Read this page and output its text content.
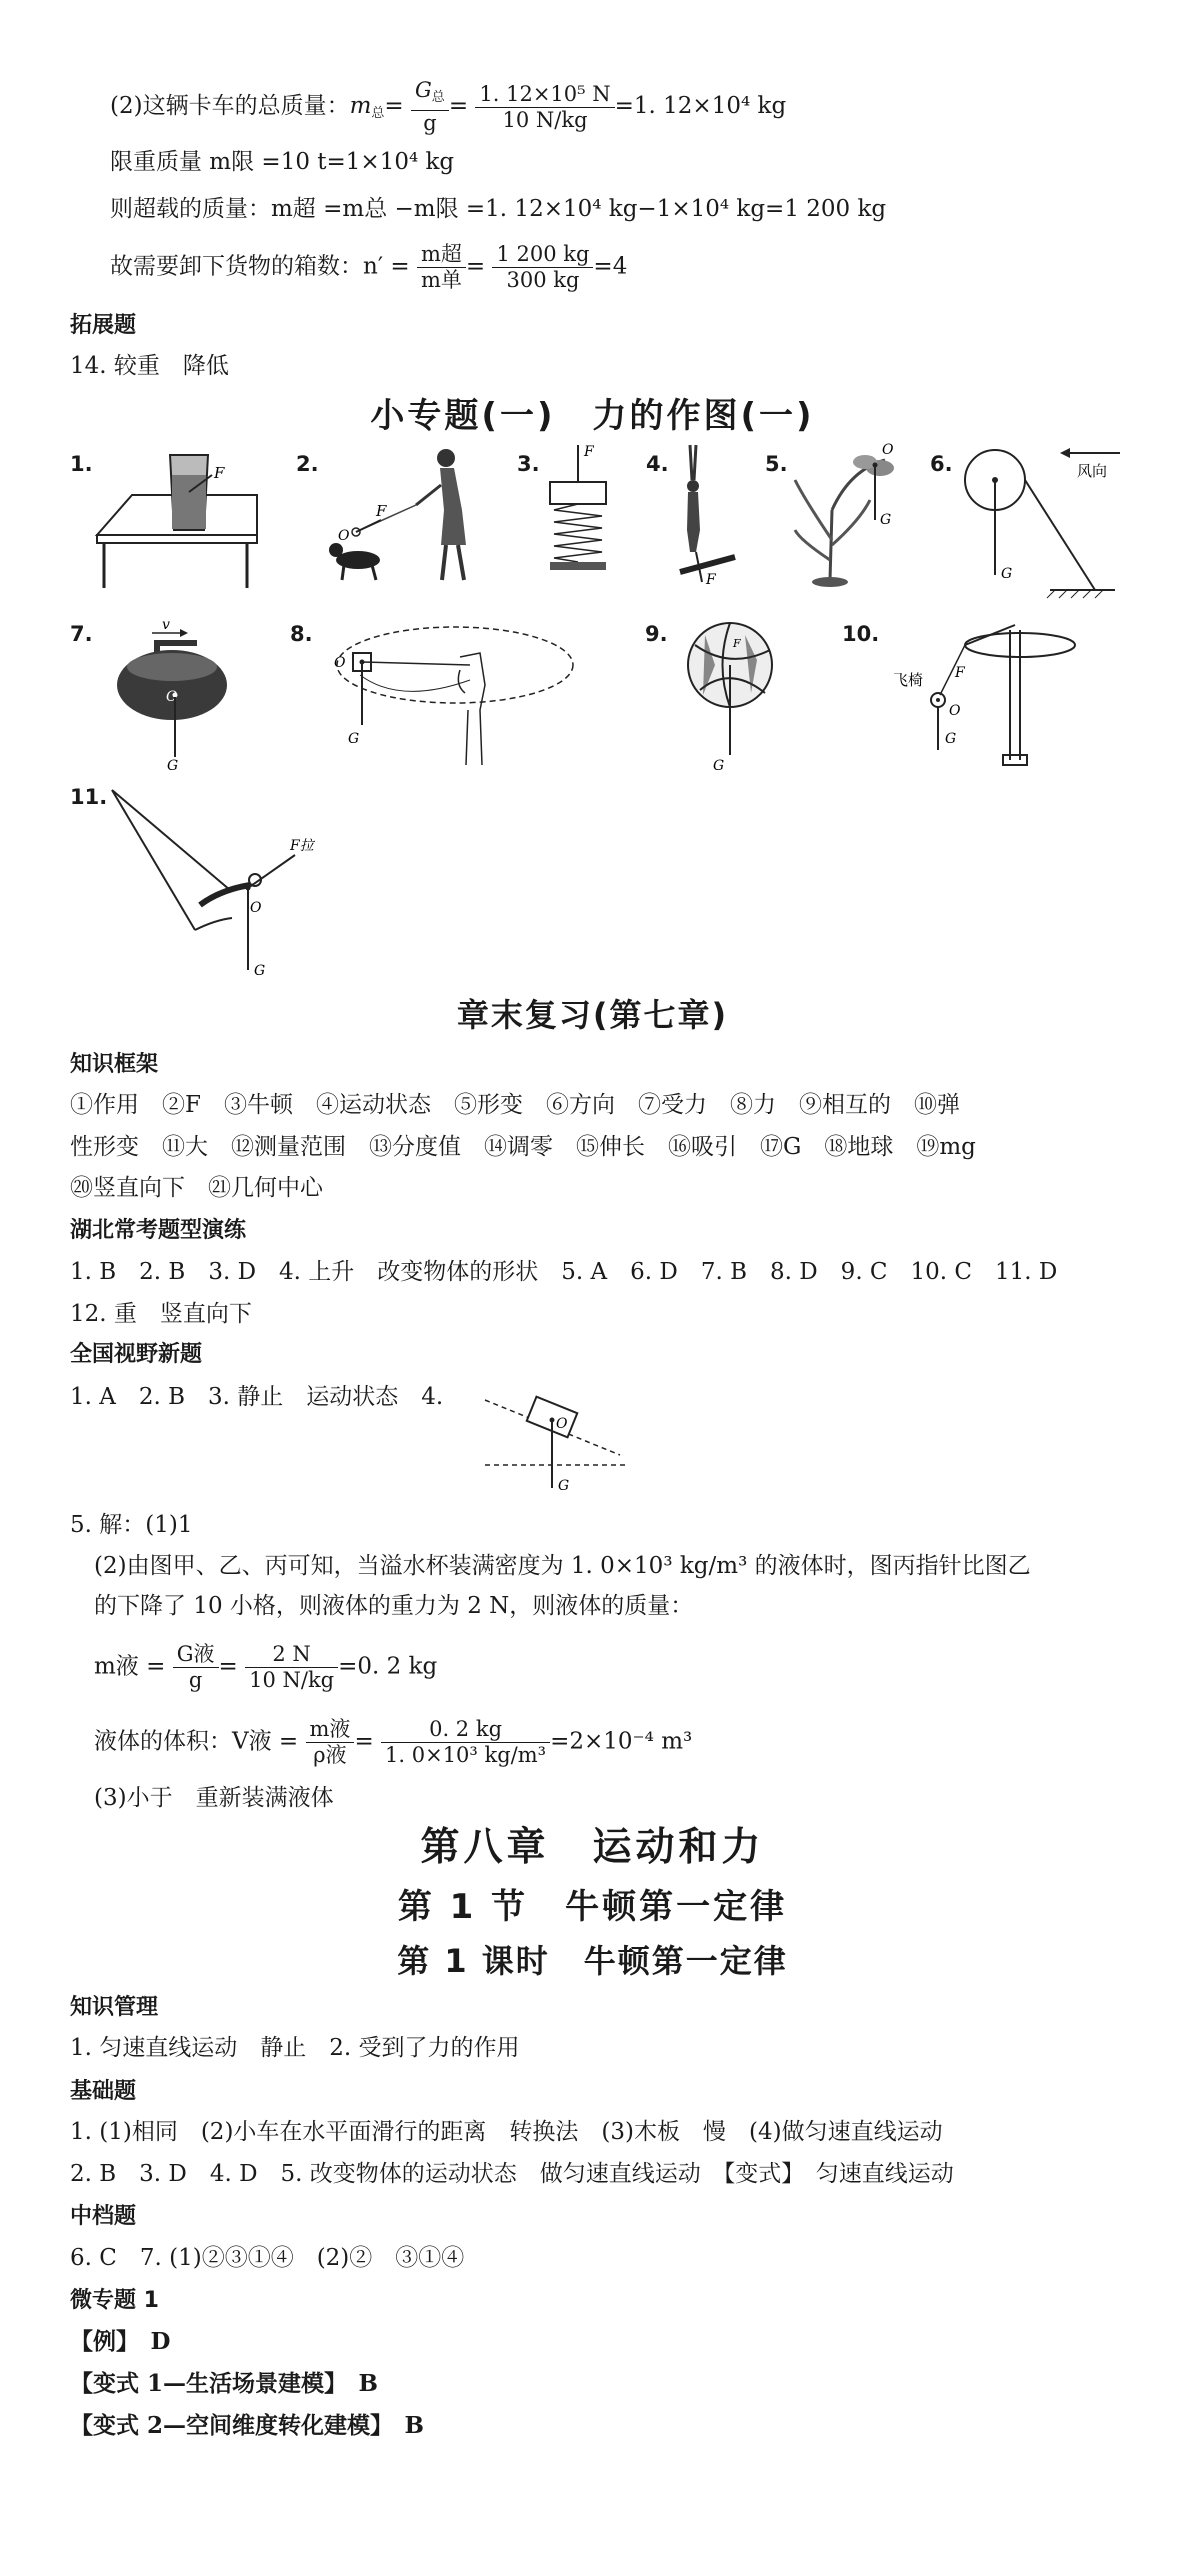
(2)这辆卡车的总质量：$m_总= \frac{G_总}{g} = \frac{\text{1. 12×10⁵ N}}{10 N/kg} =1$. 12×10⁴ kg
限重质量 m限 =10 t=1×10⁴ kg
则超载的质量：m超 =m总 −m限 =1. 12×10⁴ kg−1×10⁴ kg=1 200 kg
故需要卸下货物的箱数：$n' = \frac{\text{m超}}{\text{m单}} = \frac{1 200 kg}{300 kg} =4$
拓展题
14. 较重　降低
小专题(一)　力的作图(一)
1.	2.	3.	4.	5.	6.
F
F
O
F
F
O
G
G
风向
7.	8.	9.	10.
v
O
G
O
G
F
G
F
O
飞椅
G
11.
F拉
O
G
章末复习(第七章)
知识框架
①作用　②F　③牛顿　④运动状态　⑤形变　⑥方向　⑦受力　⑧力　⑨相互的　⑩弹
性形变　⑪大　⑫测量范围　⑬分度值　⑭调零　⑮伸长　⑯吸引　⑰G　⑱地球　⑲mg
⑳竖直向下　㉑几何中心
湖北常考题型演练
1. B　2. B　3. D　4. 上升　改变物体的形状　5. A　6. D　7. B　8. D　9. C　10. C　11. D
12. 重　竖直向下
全国视野新题
1. A　2. B　3. 静止　运动状态　4.
O
G
5. 解：(1)1
(2)由图甲、乙、丙可知，当溢水杯装满密度为 1. 0×10³ kg/m³ 的液体时，图丙指针比图乙
的下降了 10 小格，则液体的重力为 2 N，则液体的质量：
m液 = $\frac{\text{G液}}{g} = \frac{2 N}{10 N/kg} =0$. 2 kg
液体的体积：V液 = $\frac{\text{m液}}{\text{ρ液}} = \frac{0. 2 kg}{\text{1. 0×10³ kg/m³}} =2\times 10^{-4}$ m³
(3)小于　重新装满液体
第八章　运动和力
第 1 节　牛顿第一定律
第 1 课时　牛顿第一定律
知识管理
1. 匀速直线运动　静止　2. 受到了力的作用
基础题
1. (1)相同　(2)小车在水平面滑行的距离　转换法　(3)木板　慢　(4)做匀速直线运动
2. B　3. D　4. D　5. 改变物体的运动状态　做匀速直线运动　【变式】　匀速直线运动
中档题
6. C　7. (1)②③①④　(2)②　③①④
微专题 1
【例】　D
【变式 1—生活场景建模】　B
【变式 2—空间维度转化建模】　B
